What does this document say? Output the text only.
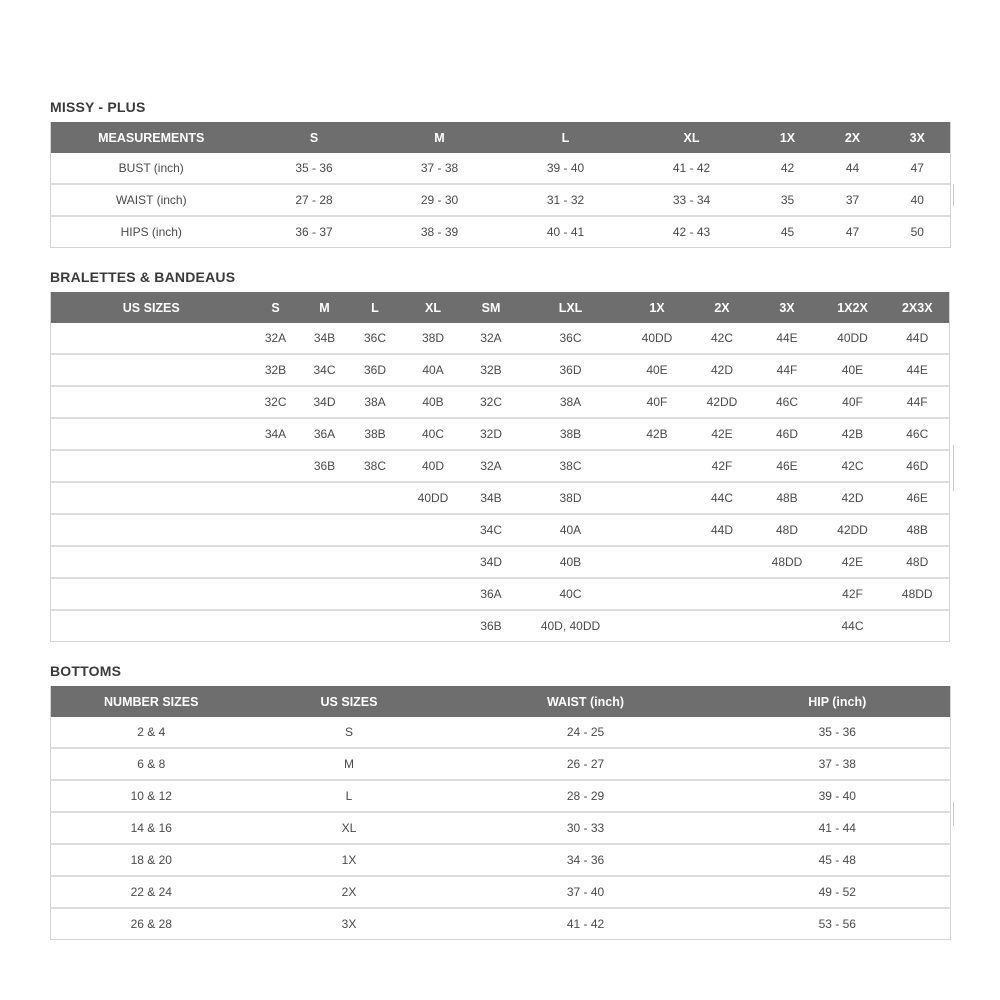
MISSY - PLUS
MEASUREMENTS	S	M	L	XL	1X	2X	3X
BUST (inch)	35 - 36	37 - 38	39 - 40	41 - 42	42	44	47
WAIST (inch)	27 - 28	29 - 30	31 - 32	33 - 34	35	37	40
HIPS (inch)	36 - 37	38 - 39	40 - 41	42 - 43	45	47	50
BRALETTES & BANDEAUS
US SIZES	S	M	L	XL	SM	LXL	1X	2X	3X	1X2X	2X3X
	32A	34B	36C	38D	32A	36C	40DD	42C	44E	40DD	44D
	32B	34C	36D	40A	32B	36D	40E	42D	44F	40E	44E
	32C	34D	38A	40B	32C	38A	40F	42DD	46C	40F	44F
	34A	36A	38B	40C	32D	38B	42B	42E	46D	42B	46C
		36B	38C	40D	32A	38C		42F	46E	42C	46D
				40DD	34B	38D		44C	48B	42D	46E
					34C	40A		44D	48D	42DD	48B
					34D	40B			48DD	42E	48D
					36A	40C				42F	48DD
					36B	40D, 40DD				44C	
BOTTOMS
NUMBER SIZES	US SIZES	WAIST (inch)	HIP (inch)
2 & 4	S	24 - 25	35 - 36
6 & 8	M	26 - 27	37 - 38
10 & 12	L	28 - 29	39 - 40
14 & 16	XL	30 - 33	41 - 44
18 & 20	1X	34 - 36	45 - 48
22 & 24	2X	37 - 40	49 - 52
26 & 28	3X	41 - 42	53 - 56
